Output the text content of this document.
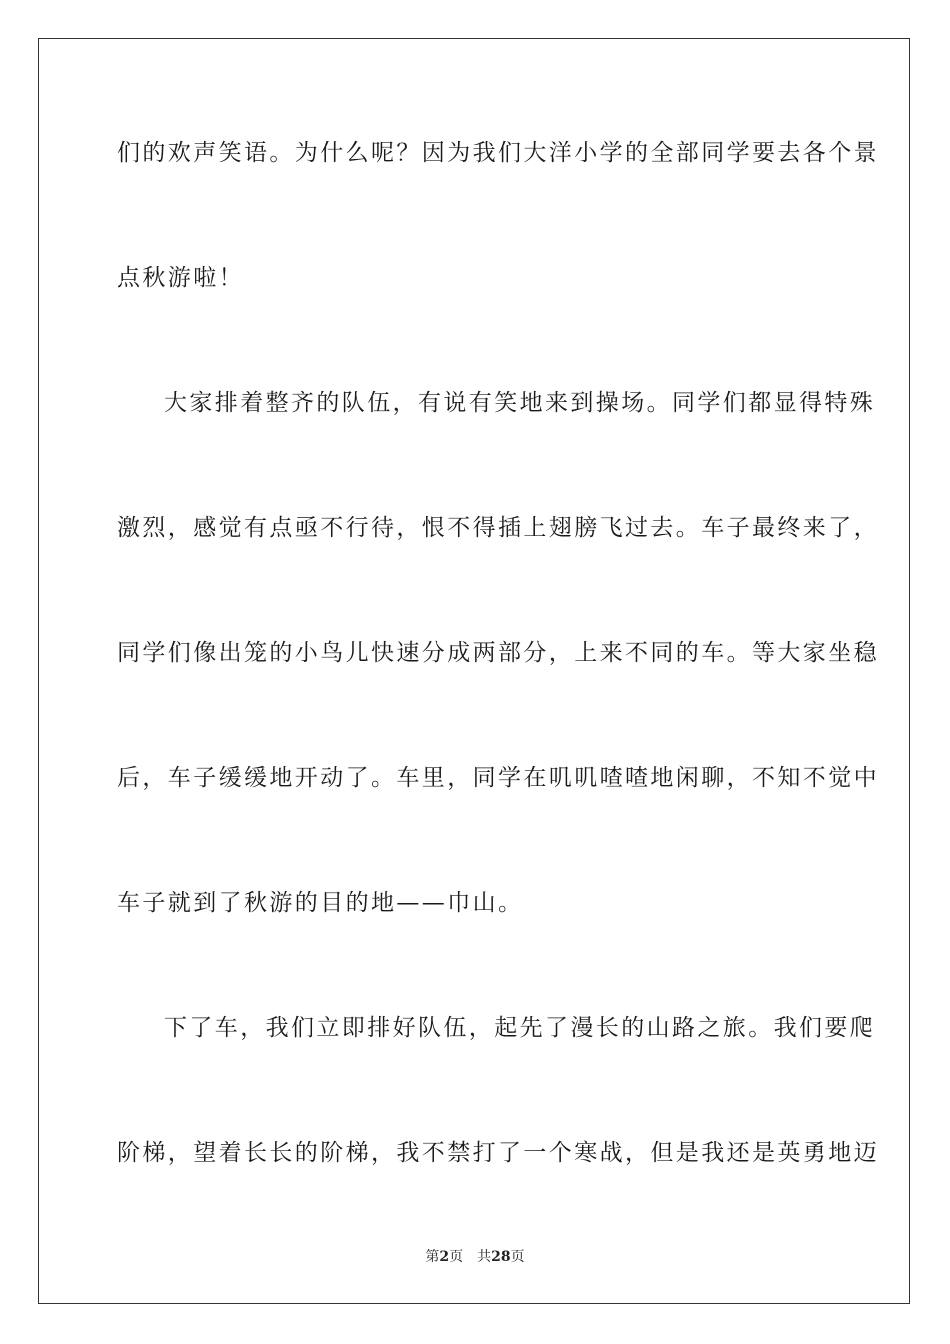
们的欢声笑语。为什么呢？因为我们大洋小学的全部同学要去各个景
点秋游啦！
大家排着整齐的队伍，有说有笑地来到操场。同学们都显得特殊
激烈，感觉有点亟不行待，恨不得插上翅膀飞过去。车子最终来了，
同学们像出笼的小鸟儿快速分成两部分，上来不同的车。等大家坐稳
后，车子缓缓地开动了。车里，同学在叽叽喳喳地闲聊，不知不觉中
车子就到了秋游的目的地——巾山。
下了车，我们立即排好队伍，起先了漫长的山路之旅。我们要爬
阶梯，望着长长的阶梯，我不禁打了一个寒战，但是我还是英勇地迈
第2页 共28页
